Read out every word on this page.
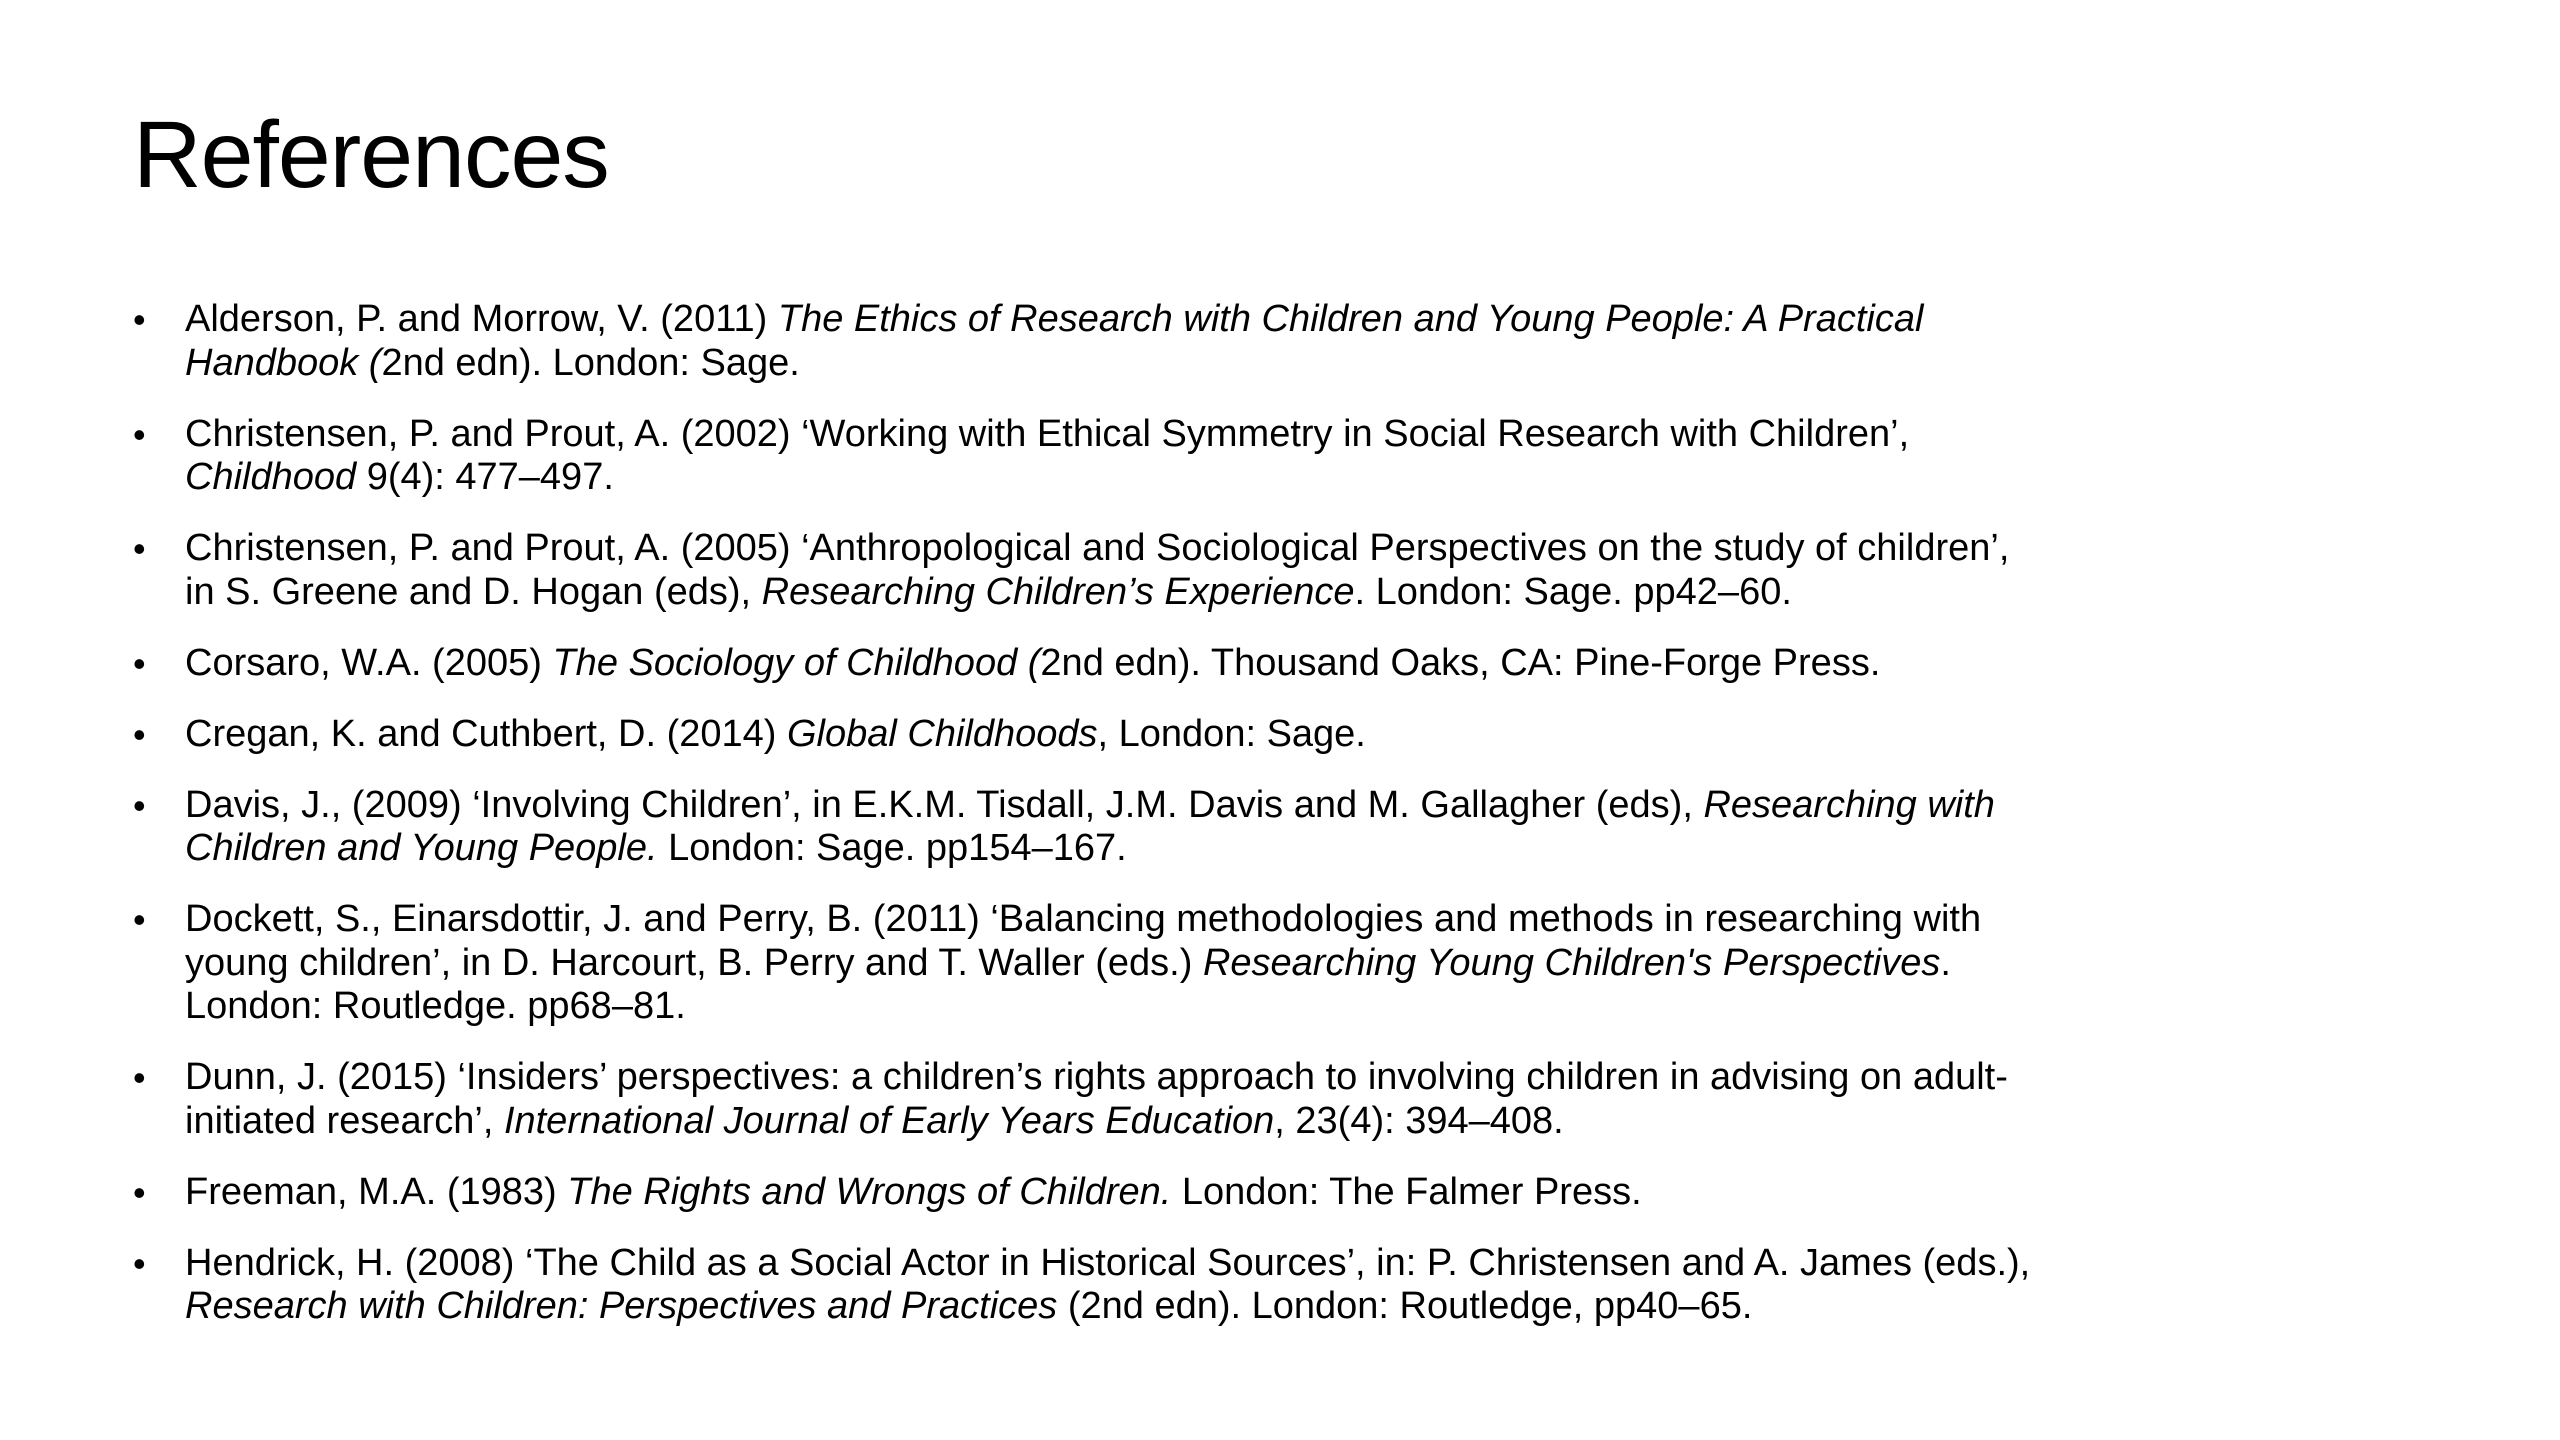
References
•	Alderson, P. and Morrow, V. (2011) The Ethics of Research with Children and Young People: A Practical Handbook (2nd edn). London: Sage.
•	Christensen, P. and Prout, A. (2002) ‘Working with Ethical Symmetry in Social Research with Children’, Childhood 9(4): 477–497.
•	Christensen, P. and Prout, A. (2005) ‘Anthropological and Sociological Perspectives on the study of children’, in S. Greene and D. Hogan (eds), Researching Children’s Experience. London: Sage. pp42–60.
•	Corsaro, W.A. (2005) The Sociology of Childhood (2nd edn). Thousand Oaks, CA: Pine-Forge Press.
•	Cregan, K. and Cuthbert, D. (2014) Global Childhoods, London: Sage.
•	Davis, J., (2009) ‘Involving Children’, in E.K.M. Tisdall, J.M. Davis and M. Gallagher (eds), Researching with Children and Young People. London: Sage. pp154–167.
•	Dockett, S., Einarsdottir, J. and Perry, B. (2011) ‘Balancing methodologies and methods in researching with young children’, in D. Harcourt, B. Perry and T. Waller (eds.) Researching Young Children's Perspectives. London: Routledge. pp68–81.
•	Dunn, J. (2015) ‘Insiders’ perspectives: a children’s rights approach to involving children in advising on adult-initiated research’, International Journal of Early Years Education, 23(4): 394–408.
•	Freeman, M.A. (1983) The Rights and Wrongs of Children. London: The Falmer Press.
•	Hendrick, H. (2008) ‘The Child as a Social Actor in Historical Sources’, in: P. Christensen and A. James (eds.), Research with Children: Perspectives and Practices (2nd edn). London: Routledge, pp40–65.
